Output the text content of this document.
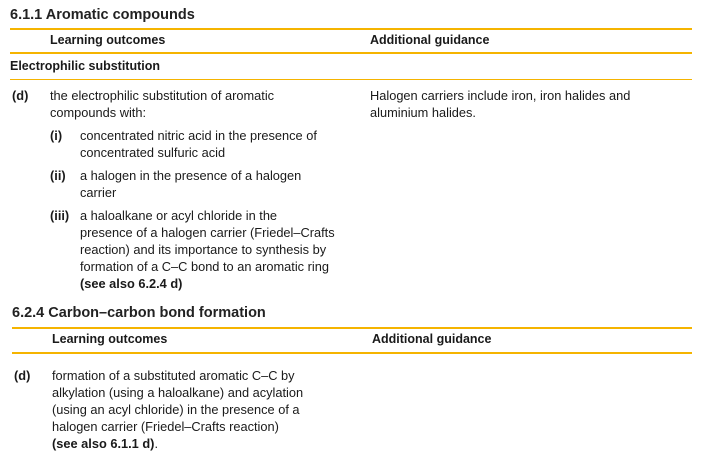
6.1.1 Aromatic compounds
Learning outcomes	Additional guidance
Electrophilic substitution
(d) the electrophilic substitution of aromatic
compounds with:
(i) concentrated nitric acid in the presence of
concentrated sulfuric acid
(ii) a halogen in the presence of a halogen
carrier
(iii) a haloalkane or acyl chloride in the
presence of a halogen carrier (Friedel–Crafts
reaction) and its importance to synthesis by
formation of a C–C bond to an aromatic ring
(see also 6.2.4 d)
Halogen carriers include iron, iron halides and
aluminium halides.
6.2.4 Carbon–carbon bond formation
Learning outcomes	Additional guidance
(d) formation of a substituted aromatic C–C by
alkylation (using a haloalkane) and acylation
(using an acyl chloride) in the presence of a
halogen carrier (Friedel–Crafts reaction)
(see also 6.1.1 d).
